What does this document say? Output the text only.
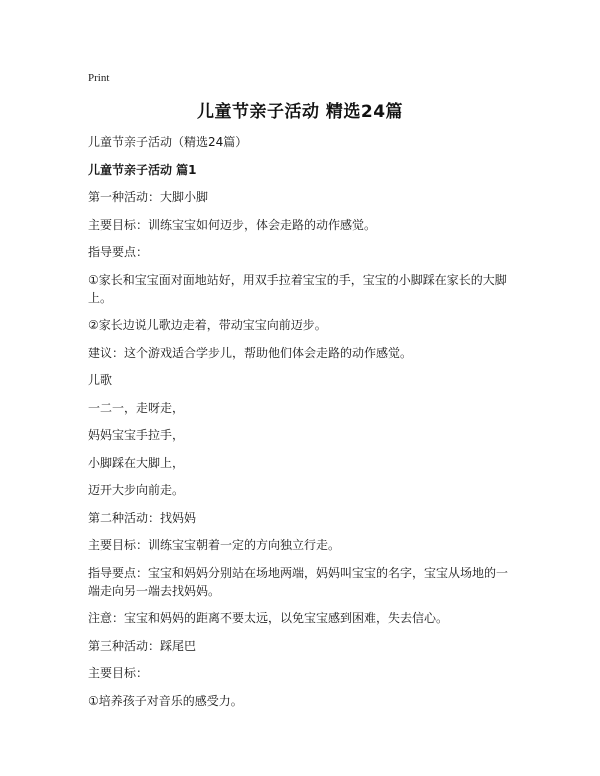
Print
儿童节亲子活动 精选24篇

儿童节亲子活动（精选24篇）

儿童节亲子活动 篇1

第一种活动：大脚小脚

主要目标：训练宝宝如何迈步，体会走路的动作感觉。

指导要点：

①家长和宝宝面对面地站好，用双手拉着宝宝的手，宝宝的小脚踩在家长的大脚上。

②家长边说儿歌边走着，带动宝宝向前迈步。

建议：这个游戏适合学步儿，帮助他们体会走路的动作感觉。

儿歌

一二一，走呀走，

妈妈宝宝手拉手，

小脚踩在大脚上，

迈开大步向前走。

第二种活动：找妈妈

主要目标：训练宝宝朝着一定的方向独立行走。

指导要点：宝宝和妈妈分别站在场地两端，妈妈叫宝宝的名字，宝宝从场地的一端走向另一端去找妈妈。

注意：宝宝和妈妈的距离不要太远，以免宝宝感到困难，失去信心。

第三种活动：踩尾巴

主要目标：

①培养孩子对音乐的感受力。
